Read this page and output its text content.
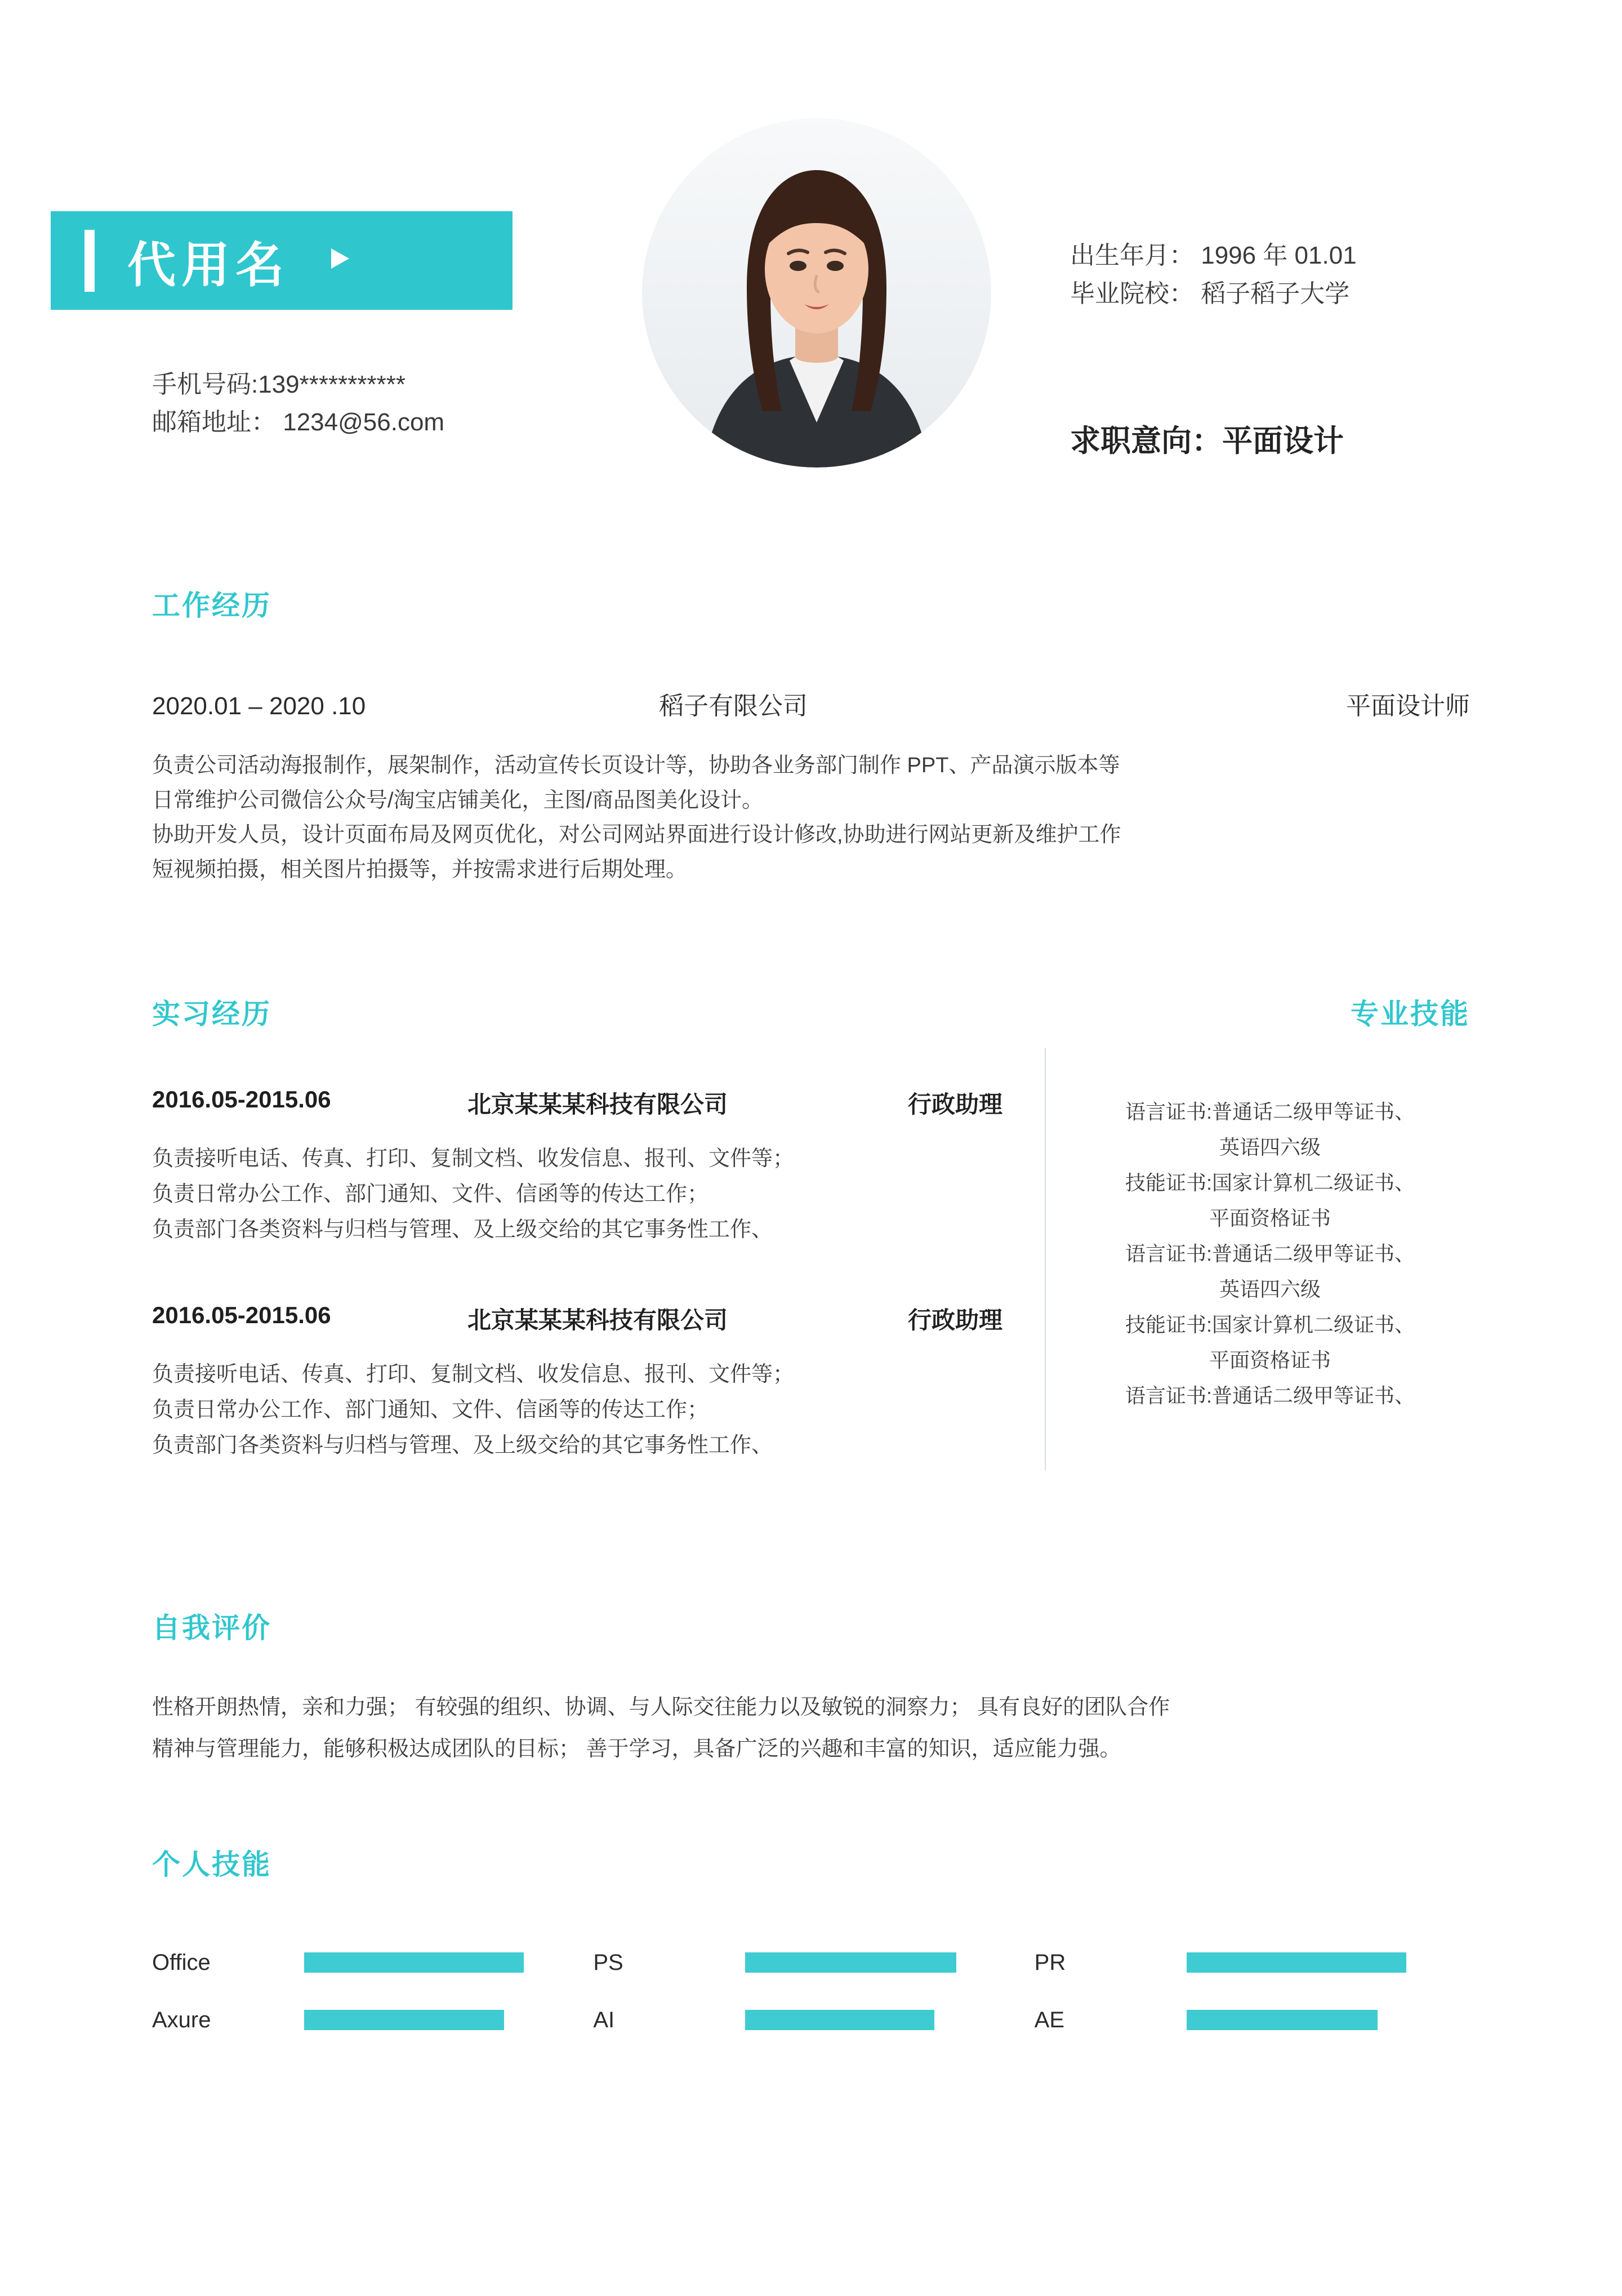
代用名
手机号码:139***********
邮箱地址： 1234@56.com
出生年月： 1996 年 01.01
毕业院校： 稻子稻子大学
求职意向：平面设计
工作经历
2020.01 – 2020 .10	稻子有限公司	平面设计师
负责公司活动海报制作，展架制作，活动宣传长页设计等，协助各业务部门制作 PPT、产品演示版本等
日常维护公司微信公众号/淘宝店铺美化，主图/商品图美化设计。
协助开发人员，设计页面布局及网页优化，对公司网站界面进行设计修改,协助进行网站更新及维护工作
短视频拍摄，相关图片拍摄等，并按需求进行后期处理。
实习经历
2016.05-2015.06	北京某某某科技有限公司	行政助理
负责接听电话、传真、打印、复制文档、收发信息、报刊、文件等；
负责日常办公工作、部门通知、文件、信函等的传达工作；
负责部门各类资料与归档与管理、及上级交给的其它事务性工作、
2016.05-2015.06	北京某某某科技有限公司	行政助理
负责接听电话、传真、打印、复制文档、收发信息、报刊、文件等；
负责日常办公工作、部门通知、文件、信函等的传达工作；
负责部门各类资料与归档与管理、及上级交给的其它事务性工作、
专业技能
语言证书:普通话二级甲等证书、
英语四六级
技能证书:国家计算机二级证书、
平面资格证书
语言证书:普通话二级甲等证书、
英语四六级
技能证书:国家计算机二级证书、
平面资格证书
语言证书:普通话二级甲等证书、
自我评价
性格开朗热情，亲和力强； 有较强的组织、协调、与人际交往能力以及敏锐的洞察力； 具有良好的团队合作
精神与管理能力，能够积极达成团队的目标； 善于学习，具备广泛的兴趣和丰富的知识，适应能力强。
个人技能
Office	PS	PR
Axure	AI	AE
